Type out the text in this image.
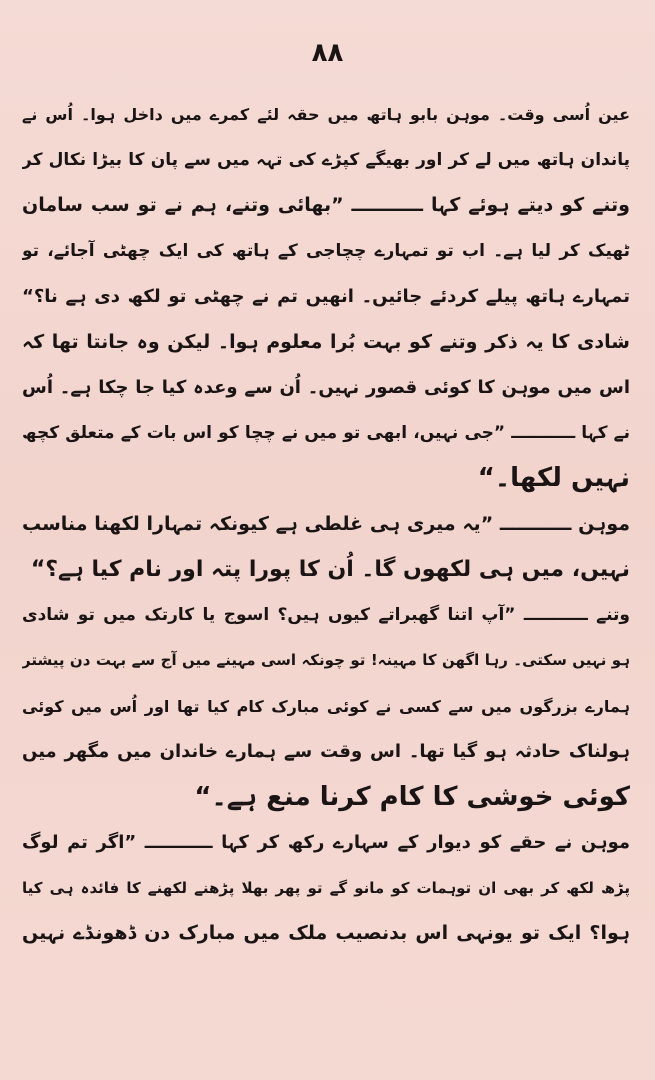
۸۸
عین اُسی وقت۔ موہن بابو ہاتھ میں حقہ لئے کمرے میں داخل ہوا۔ اُس نے
پاندان ہاتھ میں لے کر اور بھیگے کپڑے کی تہہ میں سے پان کا بیڑا نکال کر
وتنے کو دیتے ہوئے کہا ـــــــــــ ”بھائی وتنے، ہم نے تو سب سامان
ٹھیک کر لیا ہے۔ اب تو تمہارے چچاجی کے ہاتھ کی ایک چھٹی آجائے، تو
تمہارے ہاتھ پیلے کردئے جائیں۔ انھیں تم نے چھٹی تو لکھ دی ہے نا؟“
شادی کا یہ ذکر وتنے کو بہت بُرا معلوم ہوا۔ لیکن وہ جانتا تھا کہ
اس میں موہن کا کوئی قصور نہیں۔ اُن سے وعدہ کیا جا چکا ہے۔ اُس
نے کہا ـــــــــــ ”جی نہیں، ابھی تو میں نے چچا کو اس بات کے متعلق کچھ
نہیں لکھا۔“
موہن ـــــــــــ ”یہ میری ہی غلطی ہے کیونکہ تمہارا لکھنا مناسب
نہیں، میں ہی لکھوں گا۔ اُن کا پورا پتہ اور نام کیا ہے؟“
وتنے ـــــــــــ ”آپ اتنا گھبراتے کیوں ہیں؟ اسوج یا کارتک میں تو شادی
ہو نہیں سکتی۔ رہا اگھن کا مہینہ! تو چونکہ اسی مہینے میں آج سے بہت دن پیشتر
ہمارے بزرگوں میں سے کسی نے کوئی مبارک کام کیا تھا اور اُس میں کوئی
ہولناک حادثہ ہو گیا تھا۔ اس وقت سے ہمارے خاندان میں مگھر میں
کوئی خوشی کا کام کرنا منع ہے۔“
موہن نے حقے کو دیوار کے سہارے رکھ کر کہا ـــــــــــ ”اگر تم لوگ
پڑھ لکھ کر بھی ان توہمات کو مانو گے تو پھر بھلا پڑھنے لکھنے کا فائدہ ہی کیا
ہوا؟ ایک تو یونہی اس بدنصیب ملک میں مبارک دن ڈھونڈے نہیں
